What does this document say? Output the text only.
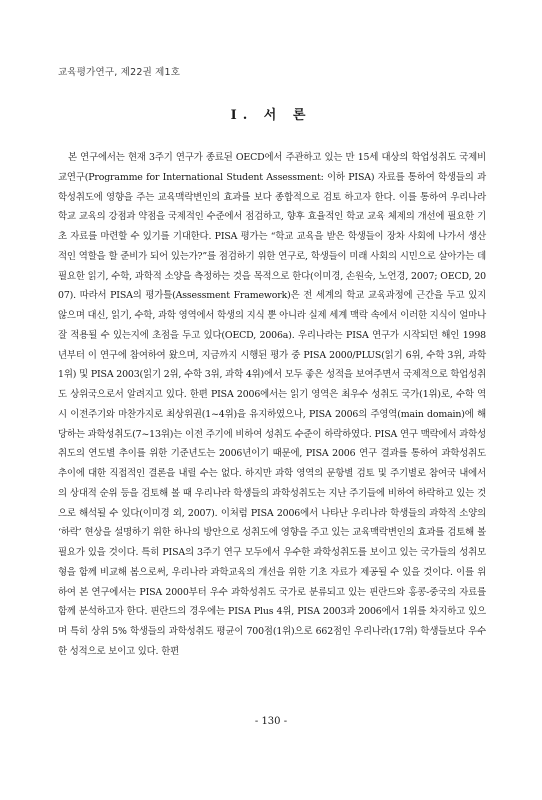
교육평가연구, 제22권 제1호
I. 서 론

본 연구에서는 현재 3주기 연구가 종료된 OECD에서 주관하고 있는 만 15세 대상의 학업성취도 국제비교연구(Programme for International Student Assessment: 이하 PISA) 자료를 통하여 학생들의 과학성취도에 영향을 주는 교육맥락변인의 효과를 보다 종합적으로 검토 하고자 한다. 이를 통하여 우리나라 학교 교육의 강점과 약점을 국제적인 수준에서 점검하고, 향후 효율적인 학교 교육 체제의 개선에 필요한 기초 자료를 마련할 수 있기를 기대한다. PISA 평가는 “학교 교육을 받은 학생들이 장차 사회에 나가서 생산적인 역할을 할 준비가 되어 있는가?”를 점검하기 위한 연구로, 학생들이 미래 사회의 시민으로 살아가는 데 필요한 읽기, 수학, 과학적 소양을 측정하는 것을 목적으로 한다(이미경, 손원숙, 노언경, 2007; OECD, 2007). 따라서 PISA의 평가틀(Assessment Framework)은 전 세계의 학교 교육과정에 근간을 두고 있지 않으며 대신, 읽기, 수학, 과학 영역에서 학생의 지식 뿐 아니라 실제 세계 맥락 속에서 이러한 지식이 얼마나 잘 적용될 수 있는지에 초점을 두고 있다(OECD, 2006a). 우리나라는 PISA 연구가 시작되던 해인 1998년부터 이 연구에 참여하여 왔으며, 지금까지 시행된 평가 중 PISA 2000/PLUS(읽기 6위, 수학 3위, 과학 1위) 및 PISA 2003(읽기 2위, 수학 3위, 과학 4위)에서 모두 좋은 성적을 보여주면서 국제적으로 학업성취도 상위국으로서 알려지고 있다. 한편 PISA 2006에서는 읽기 영역은 최우수 성취도 국가(1위)로, 수학 역시 이전주기와 마찬가지로 최상위권(1~4위)을 유지하였으나, PISA 2006의 주영역(main domain)에 해당하는 과학성취도(7~13위)는 이전 주기에 비하여 성취도 수준이 하락하였다. PISA 연구 맥락에서 과학성취도의 연도별 추이를 위한 기준년도는 2006년이기 때문에, PISA 2006 연구 결과를 통하여 과학성취도 추이에 대한 직접적인 결론을 내릴 수는 없다. 하지만 과학 영역의 문항별 검토 및 주기별로 참여국 내에서의 상대적 순위 등을 검토해 볼 때 우리나라 학생들의 과학성취도는 지난 주기들에 비하여 하락하고 있는 것으로 해석될 수 있다(이미경 외, 2007). 이처럼 PISA 2006에서 나타난 우리나라 학생들의 과학적 소양의 ‘하락’ 현상을 설명하기 위한 하나의 방안으로 성취도에 영향을 주고 있는 교육맥락변인의 효과를 검토해 볼 필요가 있을 것이다. 특히 PISA의 3주기 연구 모두에서 우수한 과학성취도를 보이고 있는 국가들의 성취모형을 함께 비교해 봄으로써, 우리나라 과학교육의 개선을 위한 기초 자료가 제공될 수 있을 것이다. 이를 위하여 본 연구에서는 PISA 2000부터 우수 과학성취도 국가로 분류되고 있는 핀란드와 홍콩-중국의 자료를 함께 분석하고자 한다. 핀란드의 경우에는 PISA Plus 4위, PISA 2003과 2006에서 1위를 차지하고 있으며 특히 상위 5% 학생들의 과학성취도 평균이 700점(1위)으로 662점인 우리나라(17위) 학생들보다 우수한 성적으로 보이고 있다. 한편

- 130 -
